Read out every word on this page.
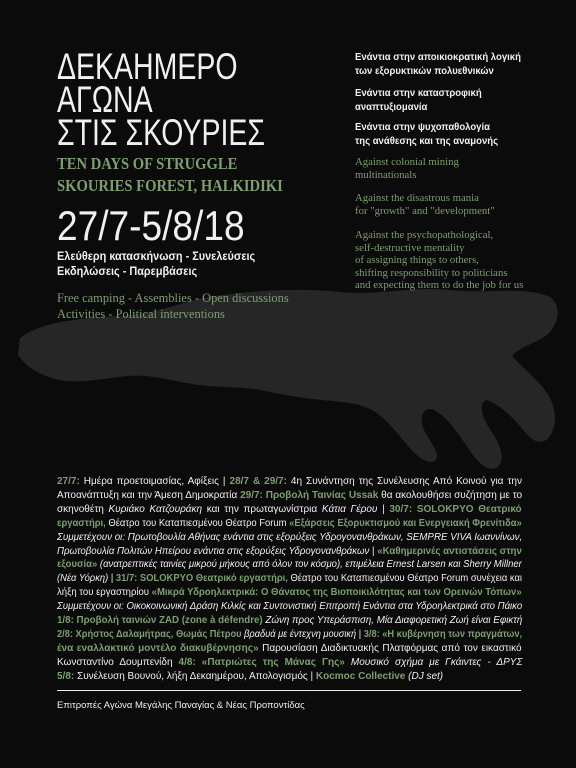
ΔΕΚΑΗΜΕΡΟ
ΑΓΩΝΑ
ΣΤΙΣ ΣΚΟΥΡΙΕΣ
TEN DAYS OF STRUGGLE
SKOURIES FOREST, HALKIDIKI
27/7-5/8/18
Ελεύθερη κατασκήνωση - Συνελεύσεις
Εκδηλώσεις - Παρεμβάσεις
Free camping - Assemblies - Open discussions
Activities - Political interventions
Ενάντια στην αποικιοκρατική λογική
των εξορυκτικών πολυεθνικών
Ενάντια στην καταστροφική
αναπτυξιομανία
Ενάντια στην ψυχοπαθολογία
της ανάθεσης και της αναμονής
Against colonial mining
multinationals
Against the disastrous mania
for "growth" and "development"
Against the psychopathological,
self-destructive mentality
of assigning things to others,
shifting responsibility to politicians
and expecting them to do the job for us
27/7: Ημέρα προετοιμασίας, Αφίξεις | 28/7 & 29/7: 4η Συνάντηση της Συνέλευσης Από Κοινού για την
Αποανάπτυξη και την Άμεση Δημοκρατία 29/7: Προβολή Ταινίας Ussak θα ακολουθήσει συζήτηση με το
σκηνοθέτη Κυριάκο Κατζουράκη και την πρωταγωνίστρια Κάτια Γέρου | 30/7: SOLOKPYO Θεατρικό
εργαστήρι, Θέατρο του Καταπιεσμένου Θέατρο Forum «Εξάρσεις Εξορυκτισμού και Ενεργειακή Φρενίτιδα»
Συμμετέχουν οι: Πρωτοβουλία Αθήνας ενάντια στις εξορύξεις Υδρογονανθράκων, SEMPRE VIVA Ιωαννίνων,
Πρωτοβουλία Πολιτών Ηπείρου ενάντια στις εξορύξεις Υδρογονανθράκων | «Καθημερινές αντιστάσεις στην
εξουσία» (ανατρεπτικές ταινίες μικρού μήκους από όλον τον κόσμο), επιμέλεια Ernest Larsen και Sherry Millner
(Νέα Υόρκη) | 31/7: SOLOKPYO Θεατρικό εργαστήρι, Θέατρο του Καταπιεσμένου Θέατρο Forum συνέχεια και
λήξη του εργαστηρίου «Μικρά Υδροηλεκτρικά: Ο Θάνατος της Βιοποικιλότητας και των Ορεινών Τόπων»
Συμμετέχουν οι: Οικοκοινωνική Δράση Κιλκίς και Συντονιστική Επιτροπή Ενάντια στα Υδροηλεκτρικά στο Πάικο
1/8: Προβολή ταινιών ZAD (zone à défendre) Ζώνη προς Υπεράσπιση, Μία Διαφορετική Ζωή είναι Εφικτή
2/8: Χρήστος Δαλαμήτρας, Θωμάς Πέτρου βραδυά με έντεχνη μουσική | 3/8: «Η κυβέρνηση των πραγμάτων,
ένα εναλλακτικό μοντέλο διακυβέρνησης» Παρουσίαση Διαδικτυακής Πλατφόρμας από τον εικαστικό
Κωνσταντίνο Δουμπενίδη 4/8: «Πατριώτες της Μάνας Γης» Μουσικό σχήμα με Γκάιντες - ΔΡΥΣ
5/8: Συνέλευση Βουνού, λήξη Δεκαημέρου, Απολογισμός | Kocmoc Collective (DJ set)
Επιτροπές Αγώνα Μεγάλης Παναγίας & Νέας Προποντίδας
